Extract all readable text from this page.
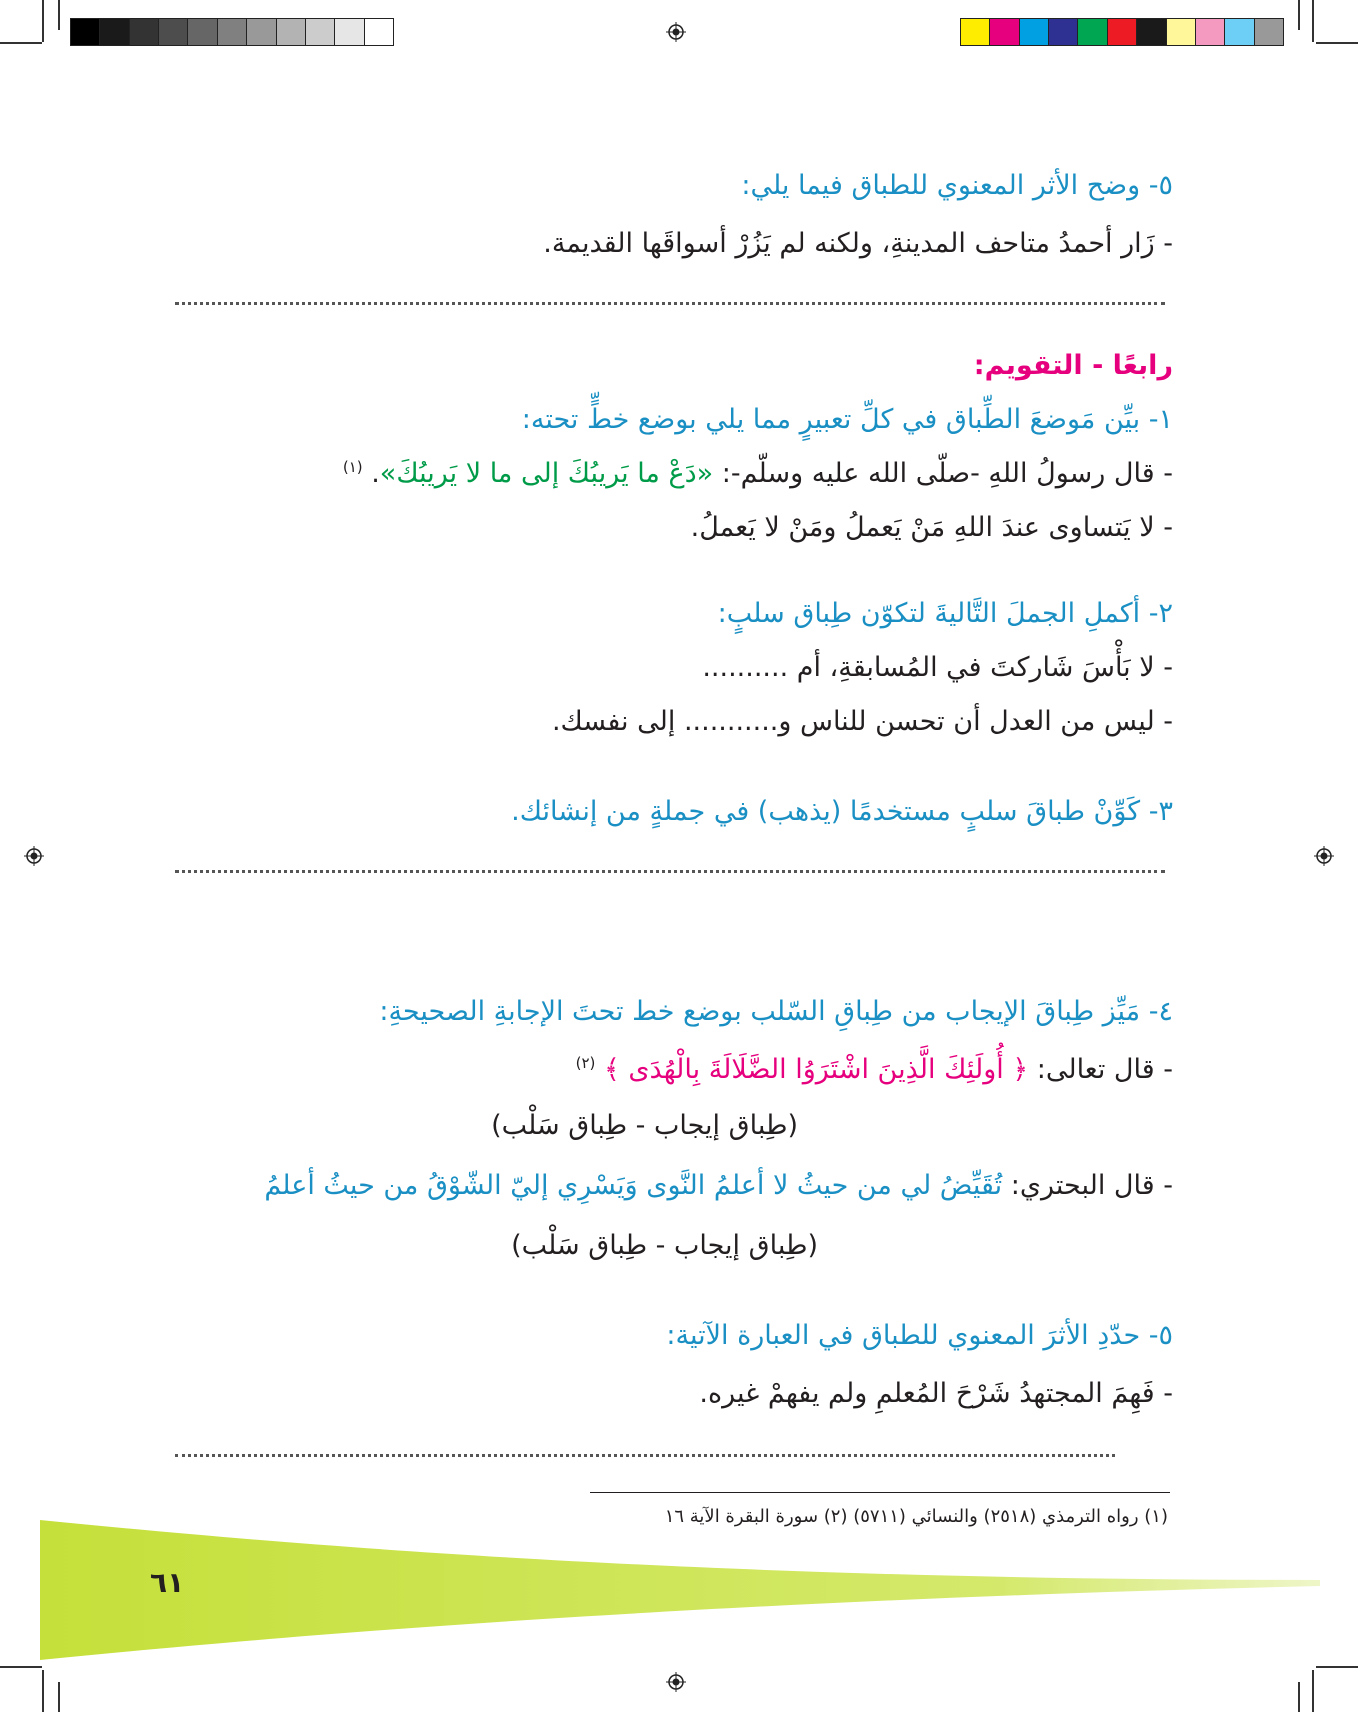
٥- وضح الأثر المعنوي للطباق فيما يلي:
- زَار أحمدُ متاحف المدينةِ، ولكنه لم يَزُرْ أسواقَها القديمة.
رابعًا - التقويم:
١- بيِّن مَوضعَ الطِّباق في كلِّ تعبيرٍ مما يلي بوضع خطٍّ تحته:
- قال رسولُ اللهِ -صلّى الله عليه وسلّم-: «دَعْ ما يَريبُكَ إلى ما لا يَريبُكَ». $^{(١)}$
- لا يَتساوى عندَ اللهِ مَنْ يَعملُ ومَنْ لا يَعملُ.
٢- أكملِ الجملَ التَّاليةَ لتكوّن طِباق سلبٍ:
- لا بَأْسَ شَاركتَ في المُسابقةِ، أم ..........
- ليس من العدل أن تحسن للناس و........... إلى نفسك.
٣- كَوِّنْ طباقَ سلبٍ مستخدمًا (يذهب) في جملةٍ من إنشائك.
٤- مَيِّز طِباقَ الإيجاب من طِباقِ السّلب بوضع خط تحتَ الإجابةِ الصحيحةِ:
- قال تعالى: ﴿ أُولَئِكَ الَّذِينَ اشْتَرَوُا الضَّلَالَةَ بِالْهُدَى ﴾ $^{(٢)}$
(طِباق إيجاب - طِباق سَلْب)
- قال البحتري: تُقَيِّضُ لي من حيثُ لا أعلمُ النَّوى وَيَسْرِي إليّ الشّوْقُ من حيثُ أعلمُ
(طِباق إيجاب - طِباق سَلْب)
٥- حدّدِ الأثرَ المعنوي للطباق في العبارة الآتية:
- فَهِمَ المجتهدُ شَرْحَ المُعلمِ ولم يفهمْ غيره.
(١) رواه الترمذي (٢٥١٨) والنسائي (٥٧١١) (٢) سورة البقرة الآية ١٦
٦١
